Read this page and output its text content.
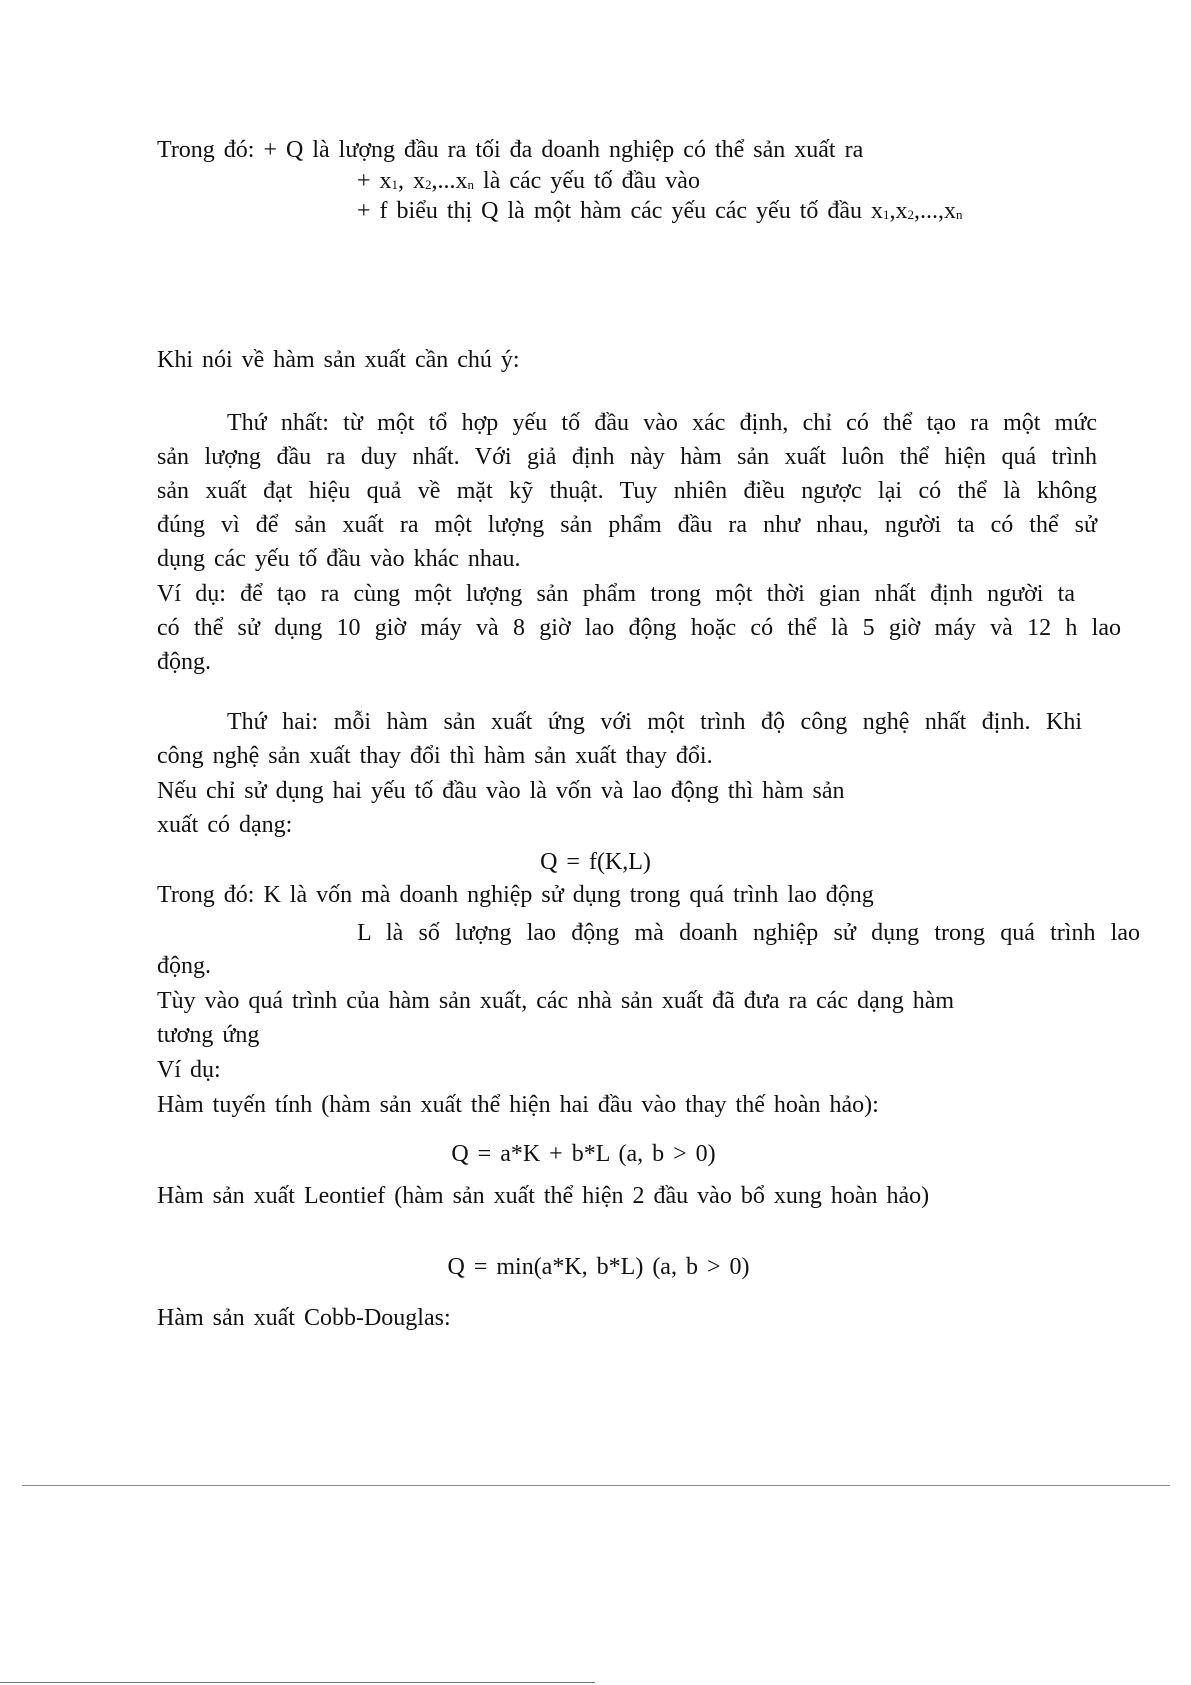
Trong đó: + Q là lượng đầu ra tối đa doanh nghiệp có thể sản xuất ra

+ $x_1$, $x_2,...x_n$ là các yếu tố đầu vào

+ f biểu thị Q là một hàm các yếu các yếu tố đầu $x_1,x_2,...,x_n$

Khi nói về hàm sản xuất cần chú ý:

Thứ nhất: từ một tổ hợp yếu tố đầu vào xác định, chỉ có thể tạo ra một mức

sản lượng đầu ra duy nhất. Với giả định này hàm sản xuất luôn thể hiện quá trình

sản xuất đạt hiệu quả về mặt kỹ thuật. Tuy nhiên điều ngược lại có thể là không

đúng vì để sản xuất ra một lượng sản phẩm đầu ra như nhau, người ta có thể sử

dụng các yếu tố đầu vào khác nhau.

Ví dụ: để tạo ra cùng một lượng sản phẩm trong một thời gian nhất định người ta

có thể sử dụng 10 giờ máy và 8 giờ lao động hoặc có thể là 5 giờ máy và 12 h lao

động.

Thứ hai: mỗi hàm sản xuất ứng với một trình độ công nghệ nhất định. Khi

công nghệ sản xuất thay đổi thì hàm sản xuất thay đổi.

Nếu chỉ sử dụng hai yếu tố đầu vào là vốn và lao động thì hàm sản

xuất có dạng:

Q = f(K,L)

Trong đó: K là vốn mà doanh nghiệp sử dụng trong quá trình lao động

L là số lượng lao động mà doanh nghiệp sử dụng trong quá trình lao

động.

Tùy vào quá trình của hàm sản xuất, các nhà sản xuất đã đưa ra các dạng hàm

tương ứng

Ví dụ:

Hàm tuyến tính (hàm sản xuất thể hiện hai đầu vào thay thế hoàn hảo):

Q = a*K + b*L (a, b > 0)

Hàm sản xuất Leontief (hàm sản xuất thể hiện 2 đầu vào bổ xung hoàn hảo)

Q = min(a*K, b*L) (a, b > 0)

Hàm sản xuất Cobb-Douglas:
